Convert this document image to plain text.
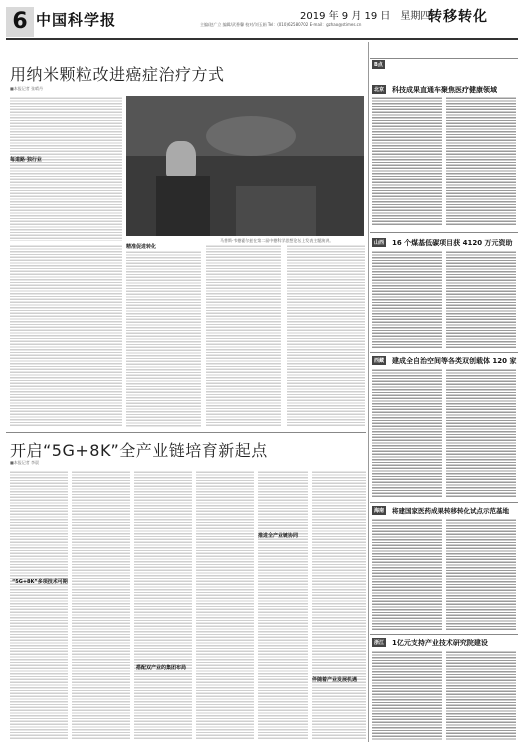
6 中国科学报	2019 年 9 月 19 日　星期四
主编/赵广立 编辑/武香馨 校对/刘玉娟 Tel：(010)62580702 E-mail：gzhao@stimes.cn	转移转化
用纳米颗粒改进癌症治疗方式
■本报记者 张晴丹
每道路·独行业
马普斯·韦德霍尔兹在第二届中德科学思想论坛上发表主题演讲。
精准促进转化
开启“5G+8K”全产业链培育新起点
■本报记者 李晨
“5G+8K”多项技术可期
搭配双产业的集团布局
推进全产业链协同
伴随着产业发展机遇
B点
北京 科技成果直通车聚焦医疗健康领域
山西 16 个煤基低碳项目获 4120 万元资助
西藏 建成全自治空间等各类双创载体 120 家
海南	将建国家医药成果转移转化试点示范基地
浙江 1亿元支持产业技术研究院建设
